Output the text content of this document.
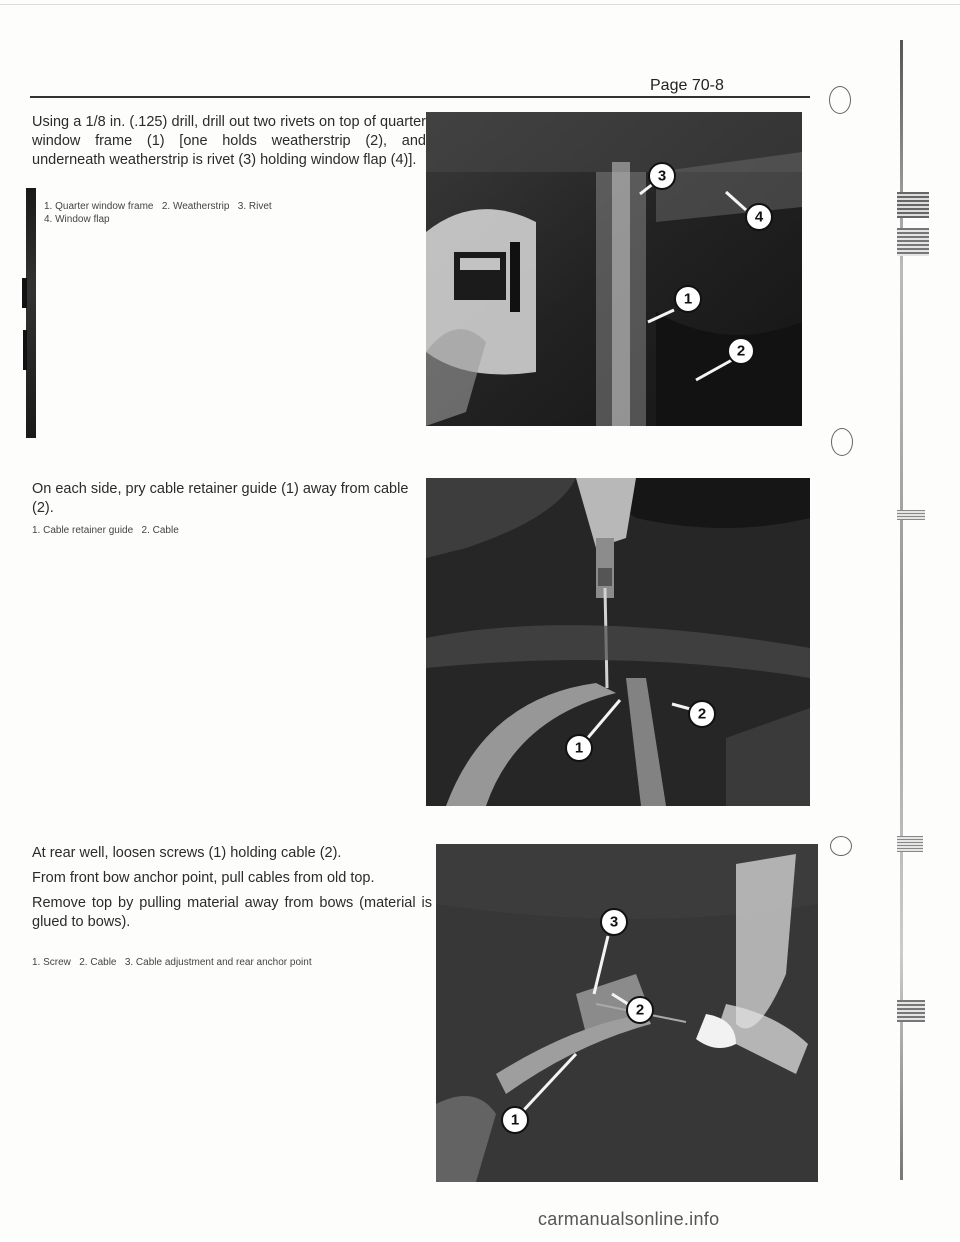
Page 70-8

Using a 1/8 in. (.125) drill, drill out two rivets on top of quarter window frame (1) [one holds weatherstrip (2), and underneath weatherstrip is rivet (3) holding window flap (4)].

1. Quarter window frame   2. Weatherstrip   3. Rivet
4. Window flap
3
4
1
2

On each side, pry cable retainer guide (1) away from cable (2).

1. Cable retainer guide   2. Cable
2
1

At rear well, loosen screws (1) holding cable (2).

From front bow anchor point, pull cables from old top.

Remove top by pulling material away from bows (material is glued to bows).

1. Screw   2. Cable   3. Cable adjustment and rear anchor point
3
2
1
carmanualsonline.info
